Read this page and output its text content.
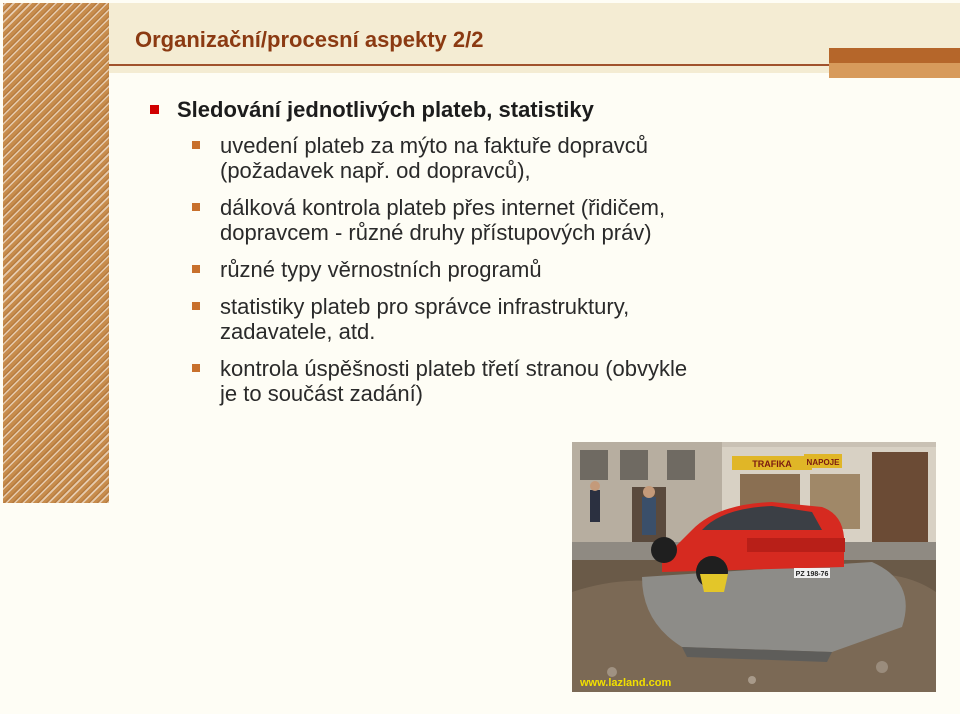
Organizační/procesní aspekty 2/2
Sledování jednotlivých plateb, statistiky
uvedení plateb za mýto na faktuře dopravců
(požadavek např. od dopravců),
dálková kontrola plateb přes internet (řidičem,
dopravcem - různé druhy přístupových práv)
různé typy věrnostních programů
statistiky plateb pro správce infrastruktury,
zadavatele, atd.
kontrola úspěšnosti plateb třetí stranou (obvykle
je to součást zadání)
TRAFIKA NAPOJE
PZ 198-76
www.lazland.com
